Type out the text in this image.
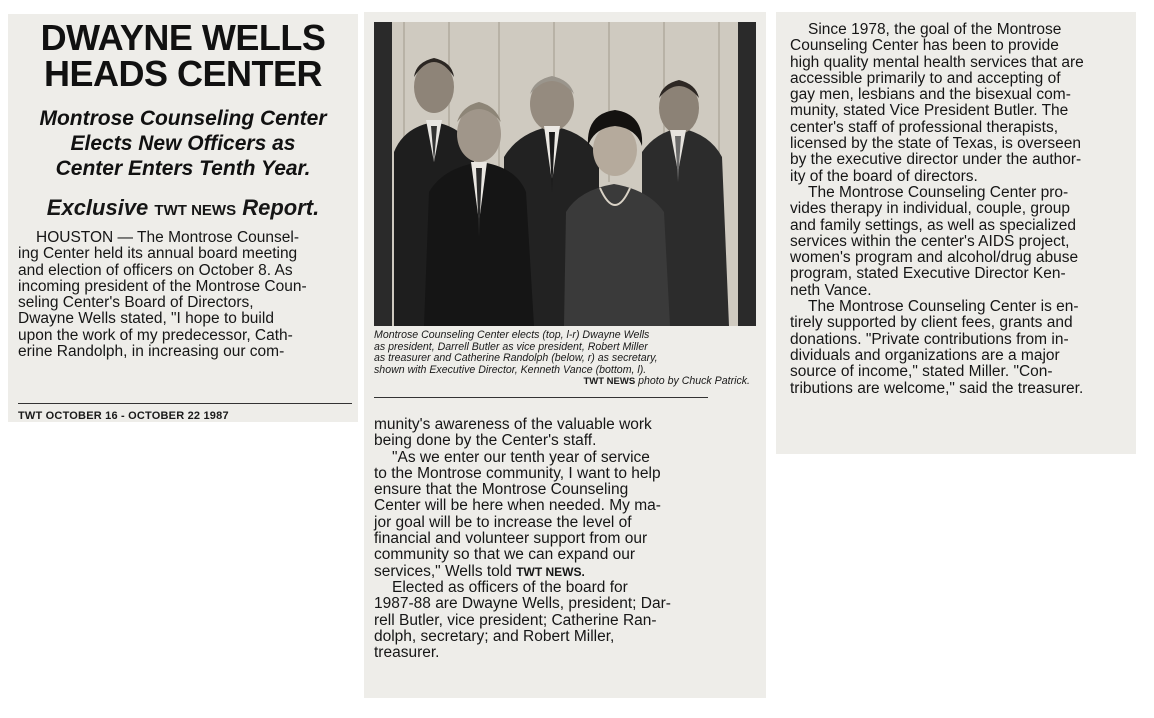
DWAYNE WELLS
HEADS CENTER
Montrose Counseling Center
Elects New Officers as
Center Enters Tenth Year.
Exclusive TWT NEWS Report.
HOUSTON — The Montrose Counsel-
ing Center held its annual board meeting
and election of officers on October 8. As
incoming president of the Montrose Coun-
seling Center's Board of Directors,
Dwayne Wells stated, "I hope to build
upon the work of my predecessor, Cath-
erine Randolph, in increasing our com-
TWT OCTOBER 16 - OCTOBER 22 1987
Montrose Counseling Center elects (top, l-r) Dwayne Wells
as president, Darrell Butler as vice president, Robert Miller
as treasurer and Catherine Randolph (below, r) as secretary,
shown with Executive Director, Kenneth Vance (bottom, l).
TWT NEWS photo by Chuck Patrick.
munity's awareness of the valuable work
being done by the Center's staff.
"As we enter our tenth year of service
to the Montrose community, I want to help
ensure that the Montrose Counseling
Center will be here when needed. My ma-
jor goal will be to increase the level of
financial and volunteer support from our
community so that we can expand our
services," Wells told TWT NEWS.
Elected as officers of the board for
1987-88 are Dwayne Wells, president; Dar-
rell Butler, vice president; Catherine Ran-
dolph, secretary; and Robert Miller,
treasurer.
Since 1978, the goal of the Montrose
Counseling Center has been to provide
high quality mental health services that are
accessible primarily to and accepting of
gay men, lesbians and the bisexual com-
munity, stated Vice President Butler. The
center's staff of professional therapists,
licensed by the state of Texas, is overseen
by the executive director under the author-
ity of the board of directors.
The Montrose Counseling Center pro-
vides therapy in individual, couple, group
and family settings, as well as specialized
services within the center's AIDS project,
women's program and alcohol/drug abuse
program, stated Executive Director Ken-
neth Vance.
The Montrose Counseling Center is en-
tirely supported by client fees, grants and
donations. "Private contributions from in-
dividuals and organizations are a major
source of income," stated Miller. "Con-
tributions are welcome," said the treasurer.
